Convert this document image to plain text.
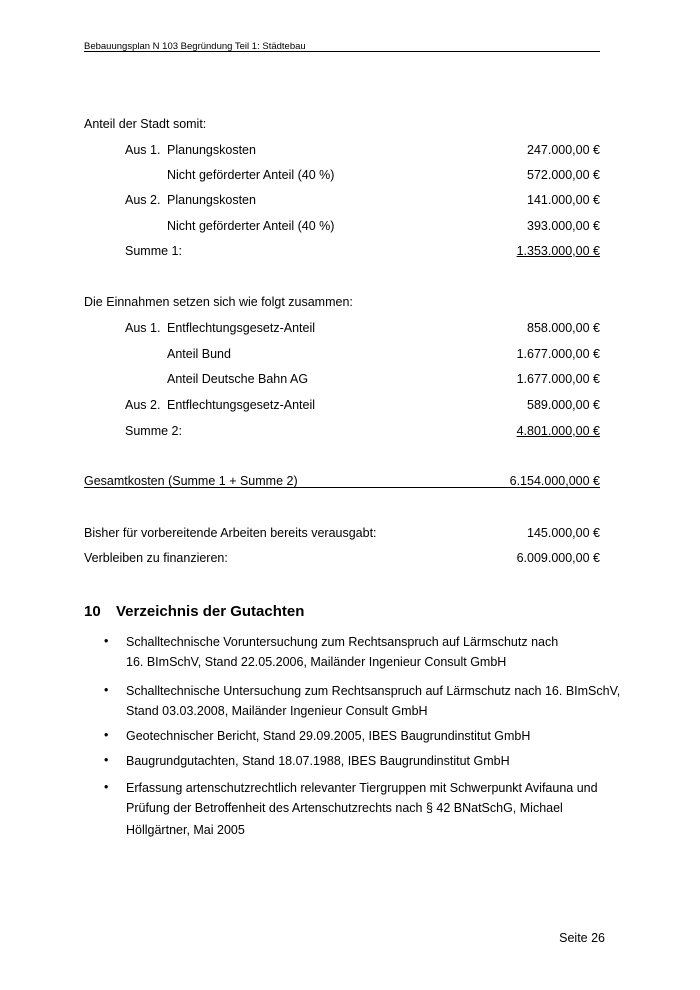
Bebauungsplan N 103 Begründung Teil 1: Städtebau
Anteil der Stadt somit:
Aus 1. Planungskosten	247.000,00 €
Nicht geförderter Anteil (40 %)	572.000,00 €
Aus 2. Planungskosten	141.000,00 €
Nicht geförderter Anteil (40 %)	393.000,00 €
Summe 1:	1.353.000,00 €
Die Einnahmen setzen sich wie folgt zusammen:
Aus 1. Entflechtungsgesetz-Anteil	858.000,00 €
Anteil Bund	1.677.000,00 €
Anteil Deutsche Bahn AG	1.677.000,00 €
Aus 2. Entflechtungsgesetz-Anteil	589.000,00 €
Summe 2:	4.801.000,00 €
Gesamtkosten (Summe 1 + Summe 2)	6.154.000,000 €
Bisher für vorbereitende Arbeiten bereits verausgabt:	145.000,00 €
Verbleiben zu finanzieren:	6.009.000,00 €
10 Verzeichnis der Gutachten
• Schalltechnische Voruntersuchung zum Rechtsanspruch auf Lärmschutz nach
16. BImSchV, Stand 22.05.2006, Mailänder Ingenieur Consult GmbH
• Schalltechnische Untersuchung zum Rechtsanspruch auf Lärmschutz nach 16. BImSchV,
Stand 03.03.2008, Mailänder Ingenieur Consult GmbH
• Geotechnischer Bericht, Stand 29.09.2005, IBES Baugrundinstitut GmbH
• Baugrundgutachten, Stand 18.07.1988, IBES Baugrundinstitut GmbH
• Erfassung artenschutzrechtlich relevanter Tiergruppen mit Schwerpunkt Avifauna und
Prüfung der Betroffenheit des Artenschutzrechts nach § 42 BNatSchG, Michael
Höllgärtner, Mai 2005
Seite 26
